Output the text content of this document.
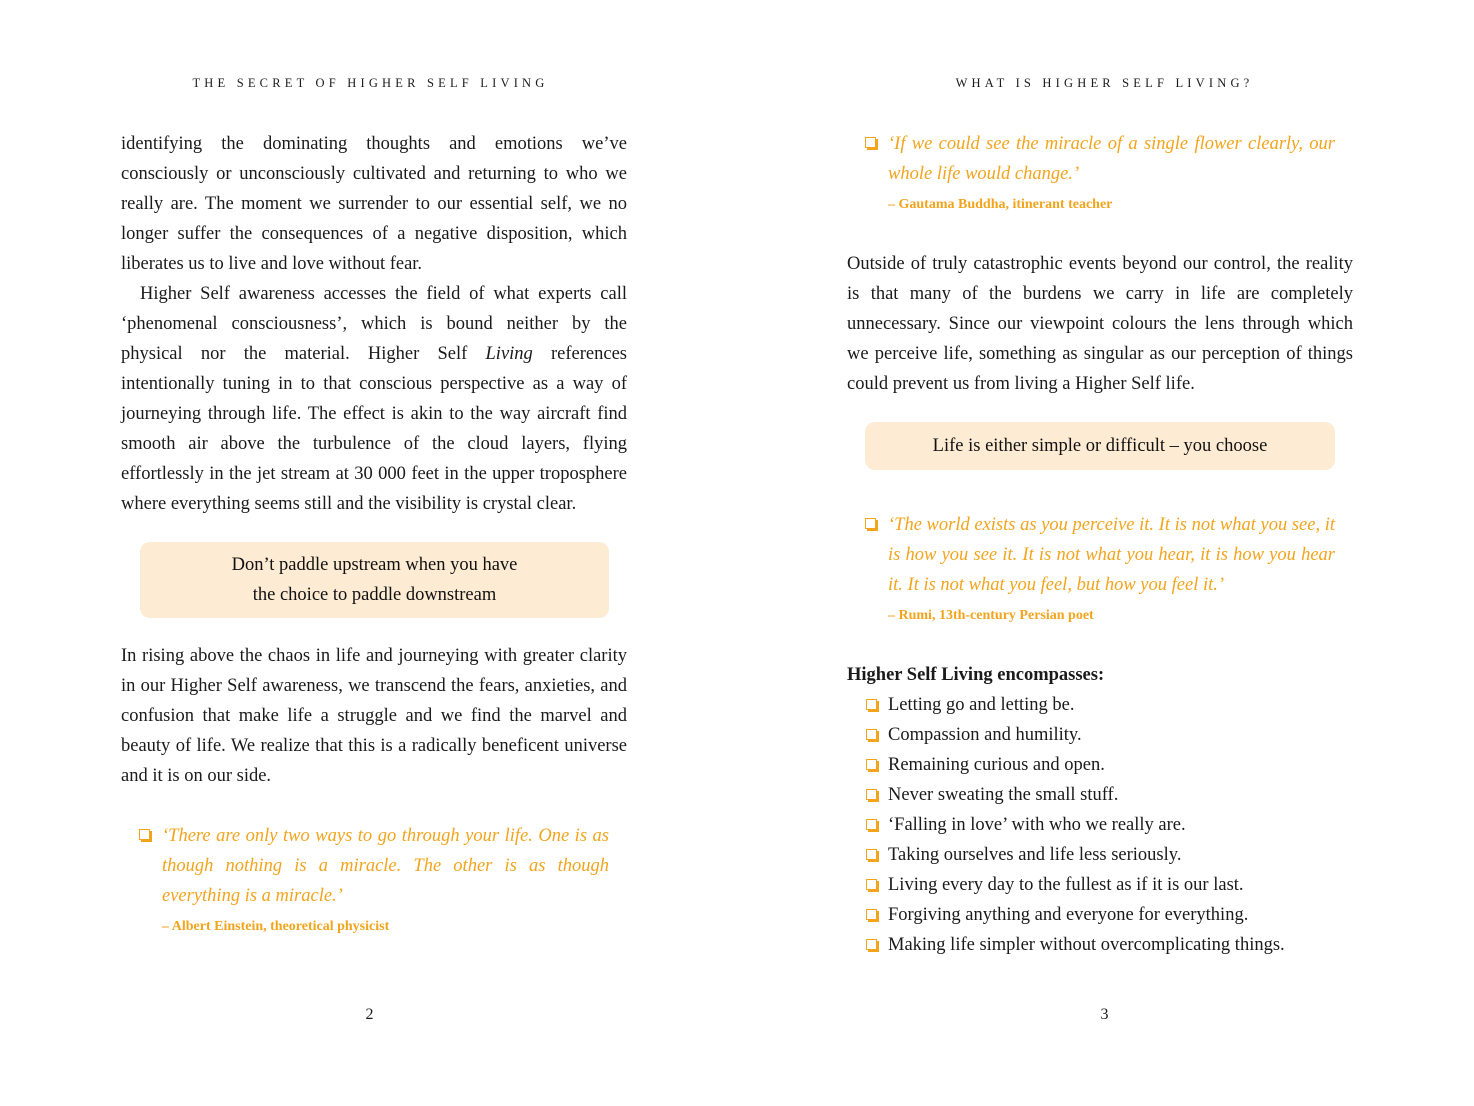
THE SECRET OF HIGHER SELF LIVING

identifying the dominating thoughts and emotions we’ve consciously or unconsciously cultivated and returning to who we really are. The moment we surrender to our essential self, we no longer suffer the consequences of a negative disposition, which liberates us to live and love without fear.

Higher Self awareness accesses the field of what experts call ‘phenomenal consciousness’, which is bound neither by the physical nor the material. Higher Self Living references intentionally tuning in to that conscious perspective as a way of journeying through life. The effect is akin to the way aircraft find smooth air above the turbulence of the cloud layers, flying effortlessly in the jet stream at 30 000 feet in the upper troposphere where everything seems still and the visibility is crystal clear.

Don’t paddle upstream when you have
the choice to paddle downstream

In rising above the chaos in life and journeying with greater clarity in our Higher Self awareness, we transcend the fears, anxieties, and confusion that make life a struggle and we find the marvel and beauty of life. We realize that this is a radically beneficent universe and it is on our side.

‘There are only two ways to go through your life. One is as though nothing is a miracle. The other is as though everything is a miracle.’
– Albert Einstein, theoretical physicist
2
WHAT IS HIGHER SELF LIVING?
‘If we could see the miracle of a single flower clearly, our whole life would change.’
– Gautama Buddha, itinerant teacher

Outside of truly catastrophic events beyond our control, the reality is that many of the burdens we carry in life are completely unnecessary. Since our viewpoint colours the lens through which we perceive life, something as singular as our perception of things could prevent us from living a Higher Self life.

Life is either simple or difficult – you choose
‘The world exists as you perceive it. It is not what you see, it is how you see it. It is not what you hear, it is how you hear it. It is not what you feel, but how you feel it.’
– Rumi, 13th-century Persian poet
Higher Self Living encompasses:
Letting go and letting be.
Compassion and humility.
Remaining curious and open.
Never sweating the small stuff.
‘Falling in love’ with who we really are.
Taking ourselves and life less seriously.
Living every day to the fullest as if it is our last.
Forgiving anything and everyone for everything.
Making life simpler without overcomplicating things.
3
